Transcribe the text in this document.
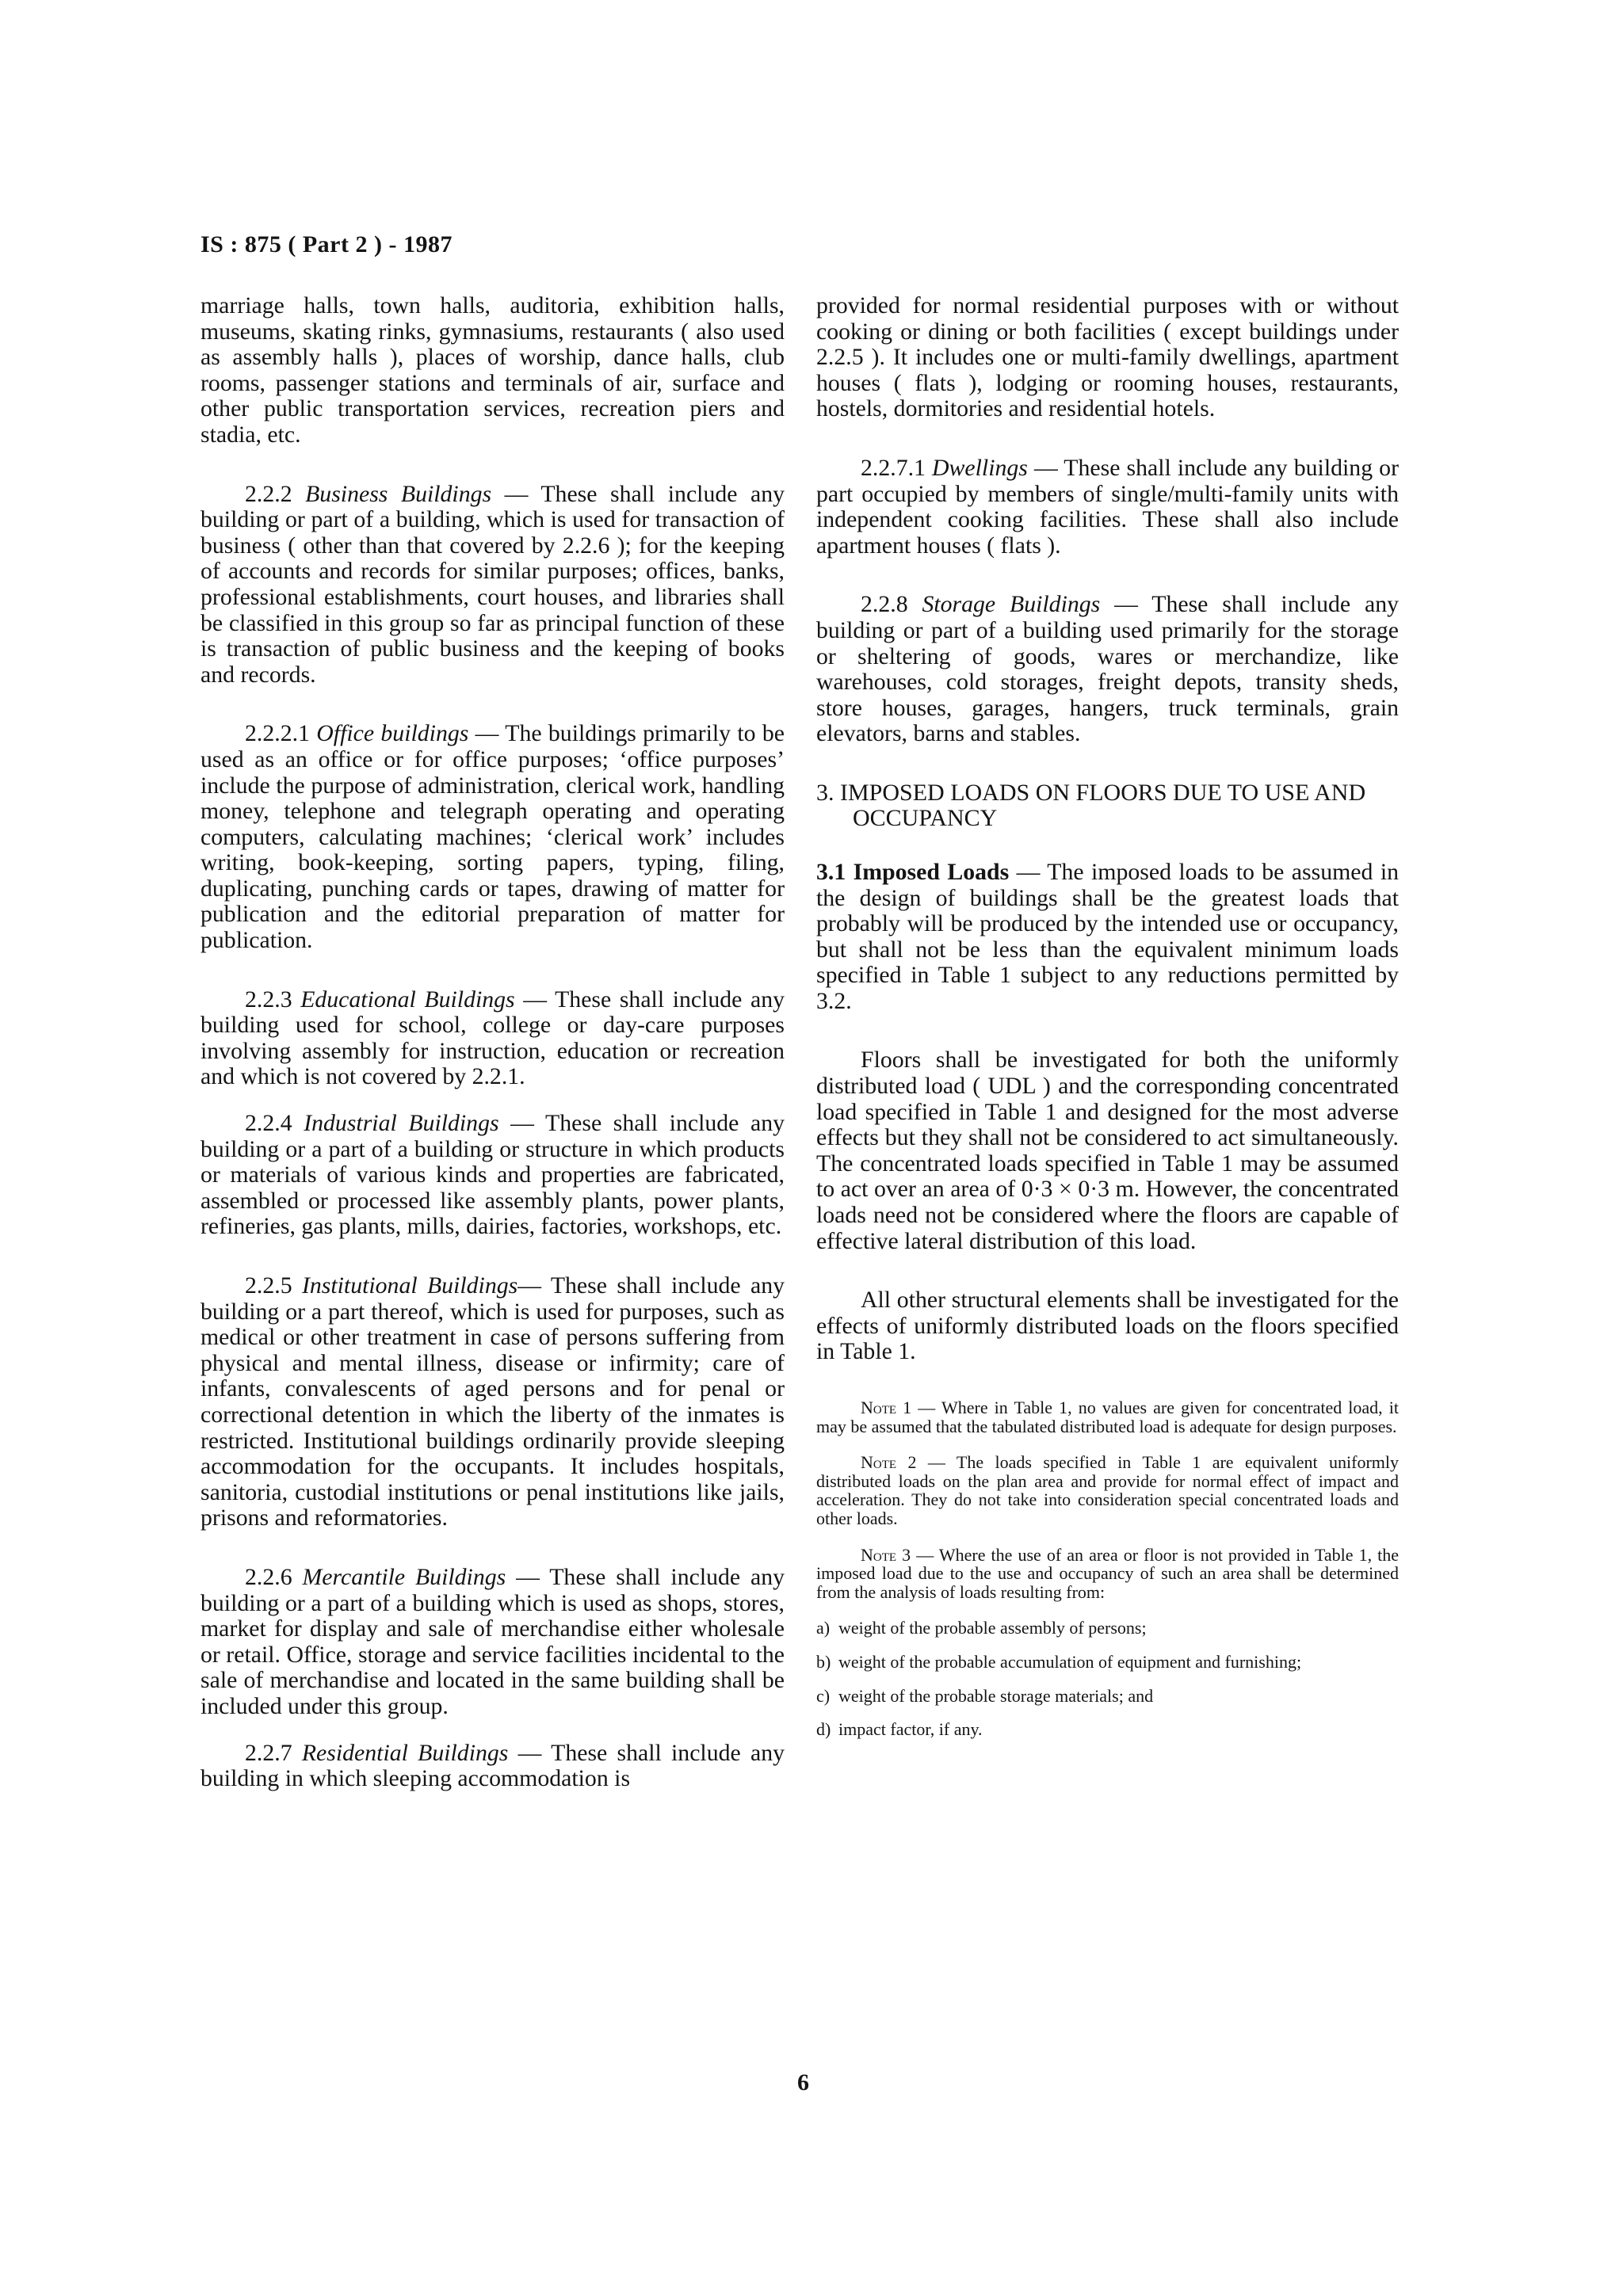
IS : 875 ( Part 2 ) - 1987

marriage halls, town halls, auditoria, exhibition halls, museums, skating rinks, gymnasiums, restaurants ( also used as assembly halls ), places of worship, dance halls, club rooms, passenger stations and terminals of air, surface and other public transportation services, recreation piers and stadia, etc.

2.2.2 Business Buildings — These shall include any building or part of a building, which is used for transaction of business ( other than that covered by 2.2.6 ); for the keeping of accounts and records for similar purposes; offices, banks, professional establishments, court houses, and libraries shall be classified in this group so far as principal function of these is transaction of public business and the keeping of books and records.

2.2.2.1 Office buildings — The buildings primarily to be used as an office or for office purposes; ‘office purposes’ include the purpose of administration, clerical work, handling money, telephone and telegraph operating and operating computers, calculating machines; ‘clerical work’ includes writing, book-keeping, sorting papers, typing, filing, duplicating, punching cards or tapes, drawing of matter for publication and the editorial preparation of matter for publication.

2.2.3 Educational Buildings — These shall include any building used for school, college or day-care purposes involving assembly for instruction, education or recreation and which is not covered by 2.2.1.

2.2.4 Industrial Buildings — These shall include any building or a part of a building or structure in which products or materials of various kinds and properties are fabricated, assembled or processed like assembly plants, power plants, refineries, gas plants, mills, dairies, factories, workshops, etc.

2.2.5 Institutional Buildings— These shall include any building or a part thereof, which is used for purposes, such as medical or other treatment in case of persons suffering from physical and mental illness, disease or infirmity; care of infants, convalescents of aged persons and for penal or correctional detention in which the liberty of the inmates is restricted. Institutional buildings ordinarily provide sleeping accommodation for the occupants. It includes hospitals, sanitoria, custodial institutions or penal institutions like jails, prisons and reformatories.

2.2.6 Mercantile Buildings — These shall include any building or a part of a building which is used as shops, stores, market for display and sale of merchandise either wholesale or retail. Office, storage and service facilities incidental to the sale of merchandise and located in the same building shall be included under this group.

2.2.7 Residential Buildings — These shall include any building in which sleeping accommodation is

provided for normal residential purposes with or without cooking or dining or both facilities ( except buildings under 2.2.5 ). It includes one or multi-family dwellings, apartment houses ( flats ), lodging or rooming houses, restaurants, hostels, dormitories and residential hotels.

2.2.7.1 Dwellings — These shall include any building or part occupied by members of single/multi-family units with independent cooking facilities. These shall also include apartment houses ( flats ).

2.2.8 Storage Buildings — These shall include any building or part of a building used primarily for the storage or sheltering of goods, wares or merchandize, like warehouses, cold storages, freight depots, transity sheds, store houses, garages, hangers, truck terminals, grain elevators, barns and stables.

3. IMPOSED LOADS ON FLOORS DUE TO USE AND OCCUPANCY

3.1 Imposed Loads — The imposed loads to be assumed in the design of buildings shall be the greatest loads that probably will be produced by the intended use or occupancy, but shall not be less than the equivalent minimum loads specified in Table 1 subject to any reductions permitted by 3.2.

Floors shall be investigated for both the uniformly distributed load ( UDL ) and the corresponding concentrated load specified in Table 1 and designed for the most adverse effects but they shall not be considered to act simultaneously. The concentrated loads specified in Table 1 may be assumed to act over an area of 0·3 × 0·3 m. However, the concentrated loads need not be considered where the floors are capable of effective lateral distribution of this load.

All other structural elements shall be investigated for the effects of uniformly distributed loads on the floors specified in Table 1.

Note 1 — Where in Table 1, no values are given for concentrated load, it may be assumed that the tabulated distributed load is adequate for design purposes.

Note 2 — The loads specified in Table 1 are equivalent uniformly distributed loads on the plan area and provide for normal effect of impact and acceleration. They do not take into consideration special concentrated loads and other loads.

Note 3 — Where the use of an area or floor is not provided in Table 1, the imposed load due to the use and occupancy of such an area shall be determined from the analysis of loads resulting from:

a) weight of the probable assembly of persons;
b) weight of the probable accumulation of equipment and furnishing;
c) weight of the probable storage materials; and
d) impact factor, if any.
6
